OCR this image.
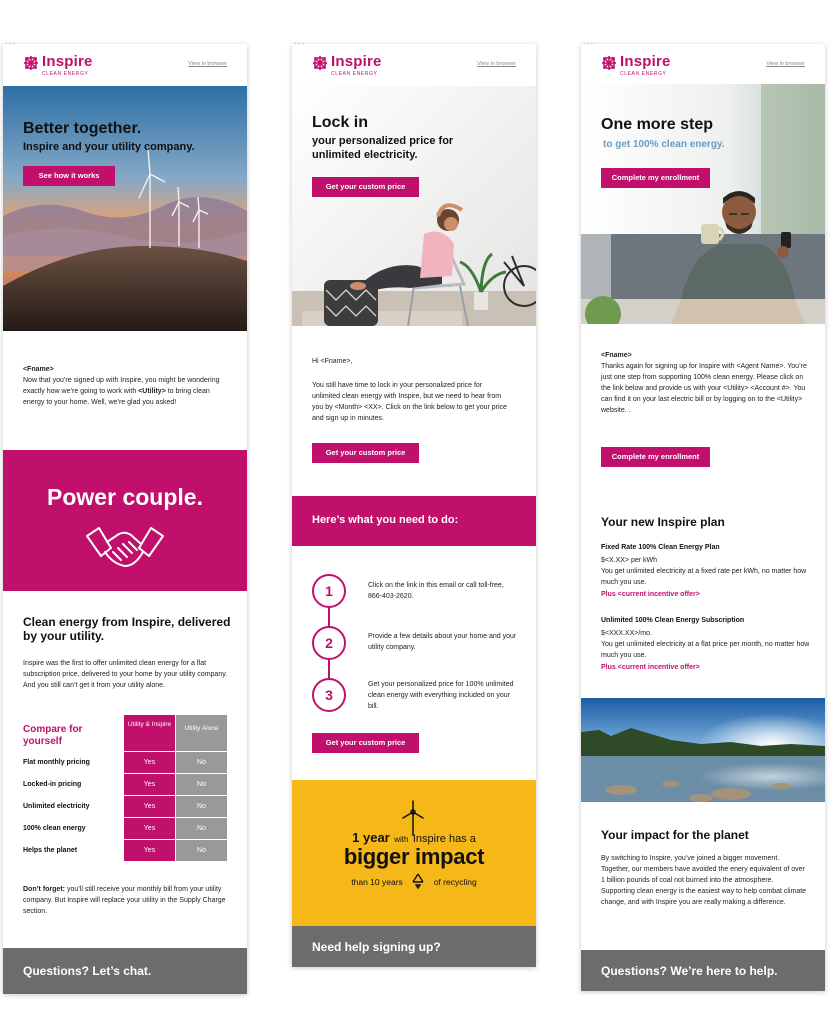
Inspire
CLEAN ENERGY
View in browser
Better together.
Inspire and your utility company.
See how it works
<Fname>
Now that you’re signed up with Inspire, you might be wondering exactly how we’re going to work with <Utility> to bring clean energy to your home. Well, we’re glad you asked!
Power couple.
Clean energy from Inspire, delivered by your utility.
Inspire was the first to offer unlimited clean energy for a flat subscription price, delivered to your home by your utility company. And you still can’t get it from your utility alone.
Compare for yourself
Utility & Inspire
Utility Alone
Flat monthly pricing	Yes	No
Locked-in pricing	Yes	No
Unlimited electricity	Yes	No
100% clean energy	Yes	No
Helps the planet	Yes	No
Don’t forget: you’ll still receive your monthly bill from your utility company. But Inspire will replace your utility in the Supply Charge section.
Questions? Let’s chat.
Inspire
CLEAN ENERGY
View in browser
Lock in
your personalized price for unlimited electricity.
Get your custom price
Hi <Fname>,
You still have time to lock in your personalized price for unlimited clean energy with Inspire, but we need to hear from you by <Month> <XX>. Click on the link below to get your price and sign up in minutes.
Get your custom price
Here’s what you need to do:
1	Click on the link in this email or call toll-free, 866-403-2620.
2	Provide a few details about your home and your utility company.
3
Get your personalized price for 100% unlimited clean energy with everything included on your bill.
Get your custom price
1 year with Inspire has a
bigger impact
than 10 years	of recycling
Need help signing up?
Inspire
CLEAN ENERGY
View in browser
One more step
to get 100% clean energy.
Complete my enrollment
<Fname>
Thanks again for signing up for Inspire with <Agent Name>. You’re just one step from supporting 100% clean energy. Please click on the link below and provide us with your <Utility> <Account #>. You can find it on your last electric bill or by logging on to the <Utility> website. .
Complete my enrollment
Your new Inspire plan
Fixed Rate 100% Clean Energy Plan
$<X.XX> per kWh
You get unlimited electricity at a fixed rate per kWh, no matter how much you use.
Plus <current incentive offer>
Unlimited 100% Clean Energy Subscription
$<XXX.XX>/mo.
You get unlimited electricity at a flat price per month, no matter how much you use.
Plus <current incentive offer>
Your impact for the planet
By switching to Inspire, you’ve joined a bigger movement. Together, our members have avoided the enery equivalent of over 1 billion pounds of coal not burned into the atmosphere. Supporting clean energy is the easiest way to help combat climate change, and with Inspire you are really making a difference.
Questions? We’re here to help.
